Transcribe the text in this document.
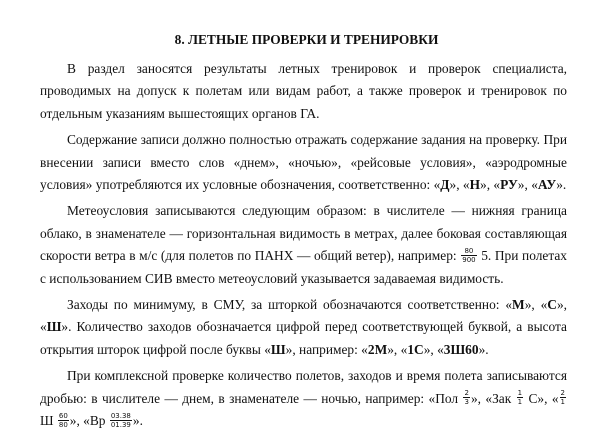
8. ЛЕТНЫЕ ПРОВЕРКИ И ТРЕНИРОВКИ

В раздел заносятся результаты летных тренировок и проверок специалиста, проводимых на допуск к полетам или видам работ, а также проверок и тренировок по отдельным указаниям вышестоящих органов ГА.

Содержание записи должно полностью отражать содержание задания на проверку. При внесении записи вместо слов «днем», «ночью», «рейсовые условия», «аэродромные условия» употребляются их условные обозначения, соответственно: «Д», «Н», «РУ», «АУ».

Метеоусловия записываются следующим образом: в числителе — нижняя граница облако, в знаменателе — горизонтальная видимость в метрах, далее боковая составляющая скорости ветра в м/с (для полетов по ПАНХ — общий ветер), например: $\frac{80}{900} 5$. При полетах с использованием СИВ вместо метеоусловий указывается задаваемая видимость.

Заходы по минимуму, в СМУ, за шторкой обозначаются соответственно: «М», «С», «Ш». Количество заходов обозначается цифрой перед соответствующей буквой, а высота открытия шторок цифрой после буквы «Ш», например: «2М», «1С», «3Ш60».

При комплексной проверке количество полетов, заходов и время полета записываются дробью: в числителе — днем, в знаменателе — ночью, например: «Пол $\frac{2}{3}$ », «Зак $\frac{1}{1} С$», « $\frac{2}{1}$
Ш $\frac{60}{80}$ », «Вр $\frac{03.38}{01.39}$ ».
